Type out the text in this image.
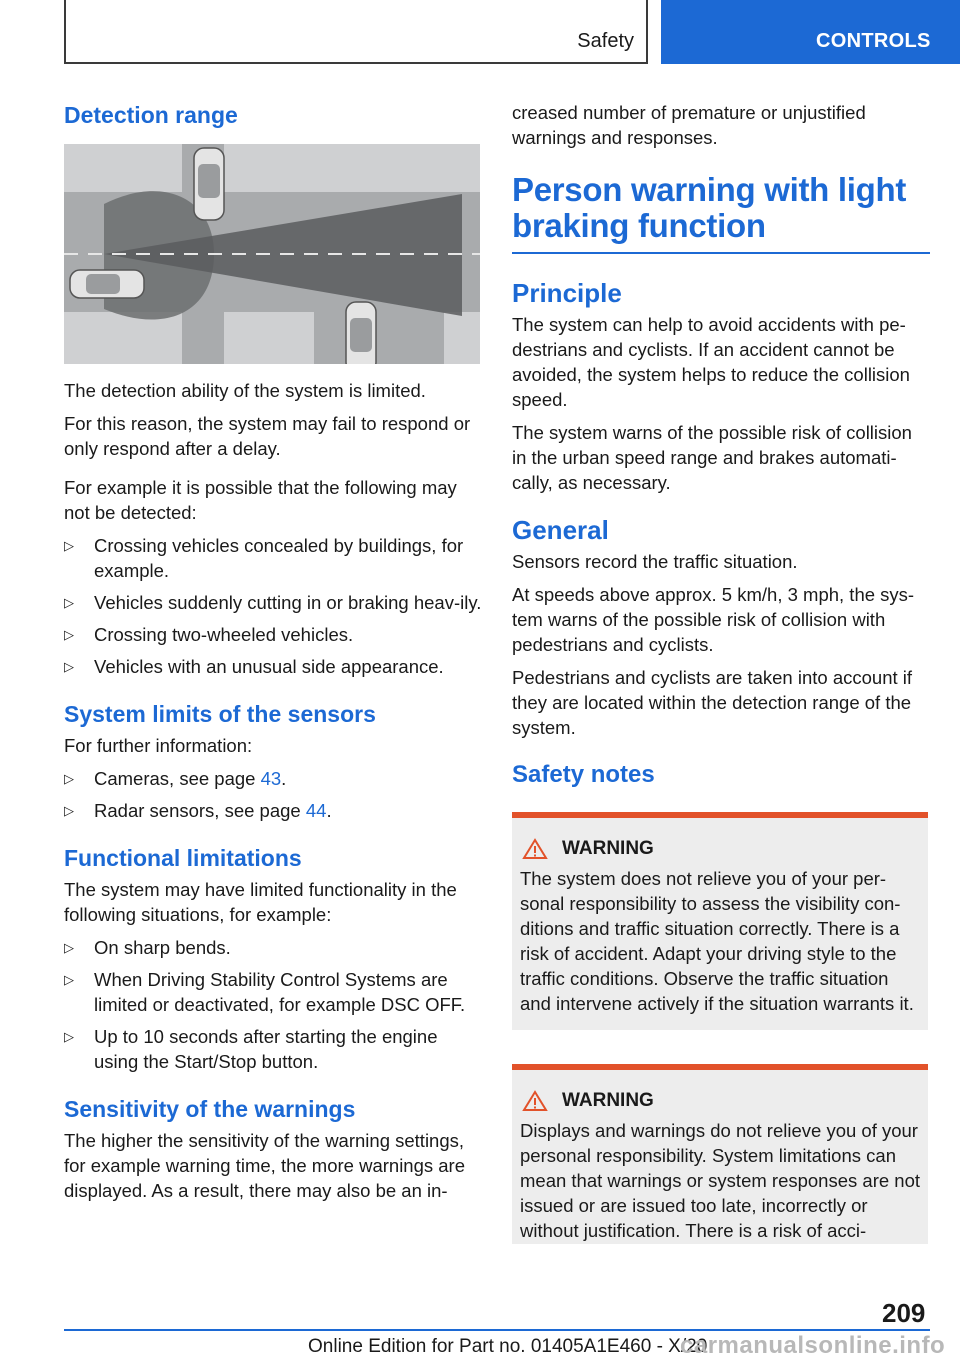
Safety	CONTROLS
Detection range

The detection ability of the system is limited.

For this reason, the system may fail to respond or only respond after a delay.

For example it is possible that the following may not be detected:

▷ Crossing vehicles concealed by buildings, for example.
▷ Vehicles suddenly cutting in or braking heav‐ily.
▷ Crossing two-wheeled vehicles.
▷ Vehicles with an unusual side appearance.
System limits of the sensors

For further information:

▷ Cameras, see page 43.
▷ Radar sensors, see page 44.
Functional limitations

The system may have limited functionality in the following situations, for example:

▷ On sharp bends.
▷ When Driving Stability Control Systems are limited or deactivated, for example DSC OFF.
▷ Up to 10 seconds after starting the engine using the Start/Stop button.
Sensitivity of the warnings

The higher the sensitivity of the warning settings, for example warning time, the more warnings are displayed. As a result, there may also be an in‐

creased number of premature or unjustified warnings and responses.

Person warning with light braking function
Principle

The system can help to avoid accidents with pe‐destrians and cyclists. If an accident cannot be avoided, the system helps to reduce the collision speed.

The system warns of the possible risk of collision in the urban speed range and brakes automati‐cally, as necessary.

General

Sensors record the traffic situation.

At speeds above approx. 5 km/h, 3 mph, the sys‐tem warns of the possible risk of collision with pedestrians and cyclists.

Pedestrians and cyclists are taken into account if they are located within the detection range of the system.

Safety notes
WARNING

The system does not relieve you of your per‐sonal responsibility to assess the visibility con‐ditions and traffic situation correctly. There is a risk of accident. Adapt your driving style to the traffic conditions. Observe the traffic situation and intervene actively if the situation warrants it.

WARNING

Displays and warnings do not relieve you of your personal responsibility. System limitations can mean that warnings or system responses are not issued or are issued too late, incorrectly or without justification. There is a risk of acci‐

209
Online Edition for Part no. 01405A1E460 - X/20
carmanualsonline.info
